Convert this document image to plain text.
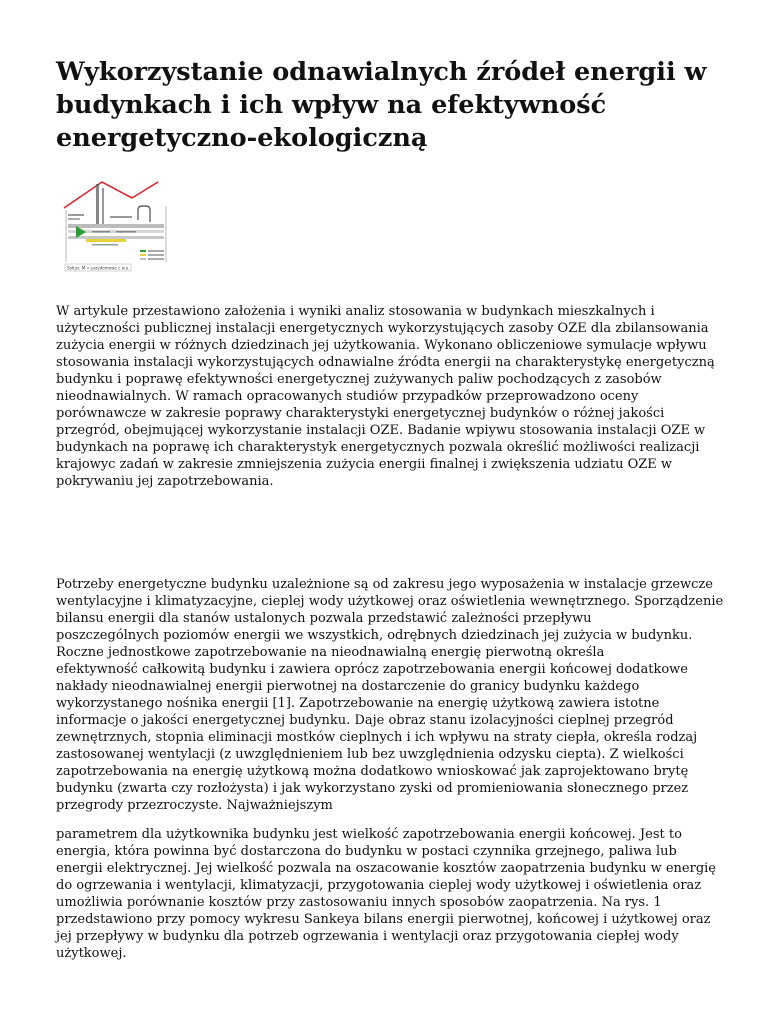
Wykorzystanie odnawialnych źródeł energii w
budynkach i ich wpływ na efektywność
energetyczno-ekologiczną
Sołtys: M = przydomowe c.w.u.

W artykule przestawiono założenia i wyniki analiz stosowania w budynkach mieszkalnych i
użyteczności publicznej instalacji energetycznych wykorzystujących zasoby OZE dla zbilansowania
zużycia energii w różnych dziedzinach jej użytkowania. Wykonano obliczeniowe symulacje wpływu
stosowania instalacji wykorzystujących odnawialne źródta energii na charakterystykę energetyczną
budynku i poprawę efektywności energetycznej zużywanych paliw pochodzących z zasobów
nieodnawialnych. W ramach opracowanych studiów przypadków przeprowadzono oceny
porównawcze w zakresie poprawy charakterystyki energetycznej budynków o różnej jakości
przegród, obejmującej wykorzystanie instalacji OZE. Badanie wpiywu stosowania instalacji OZE w
budynkach na poprawę ich charakterystyk energetycznych pozwala określić możliwości realizacji
krajowyc zadań w zakresie zmniejszenia zużycia energii finalnej i zwiększenia udziatu OZE w
pokrywaniu jej zapotrzebowania.

Potrzeby energetyczne budynku uzależnione są od zakresu jego wyposażenia w instalacje grzewcze
wentylacyjne i klimatyzacyjne, cieplej wody użytkowej oraz oświetlenia wewnętrznego. Sporządzenie
bilansu energii dla stanów ustalonych pozwala przedstawić zależności przepływu
poszczególnych poziomów energii we wszystkich, odrębnych dziedzinach jej zużycia w budynku.
Roczne jednostkowe zapotrzebowanie na nieodnawialną energię pierwotną określa
efektywność całkowitą budynku i zawiera oprócz zapotrzebowania energii końcowej dodatkowe
nakłady nieodnawialnej energii pierwotnej na dostarczenie do granicy budynku każdego
wykorzystanego nośnika energii [1]. Zapotrzebowanie na energię użytkową zawiera istotne
informacje o jakości energetycznej budynku. Daje obraz stanu izolacyjności cieplnej przegród
zewnętrznych, stopnia eliminacji mostków cieplnych i ich wpływu na straty ciepła, określa rodzaj
zastosowanej wentylacji (z uwzględnieniem lub bez uwzględnienia odzysku ciepta). Z wielkości
zapotrzebowania na energię użytkową można dodatkowo wnioskować jak zaprojektowano brytę
budynku (zwarta czy rozłożysta) i jak wykorzystano zyski od promieniowania słonecznego przez
przegrody przezroczyste. Najważniejszym

parametrem dla użytkownika budynku jest wielkość zapotrzebowania energii końcowej. Jest to
energia, która powinna być dostarczona do budynku w postaci czynnika grzejnego, paliwa lub
energii elektrycznej. Jej wielkość pozwala na oszacowanie kosztów zaopatrzenia budynku w energię
do ogrzewania i wentylacji, klimatyzacji, przygotowania cieplej wody użytkowej i oświetlenia oraz
umożliwia porównanie kosztów przy zastosowaniu innych sposobów zaopatrzenia. Na rys. 1
przedstawiono przy pomocy wykresu Sankeya bilans energii pierwotnej, końcowej i użytkowej oraz
jej przepływy w budynku dla potrzeb ogrzewania i wentylacji oraz przygotowania ciepłej wody
użytkowej.
